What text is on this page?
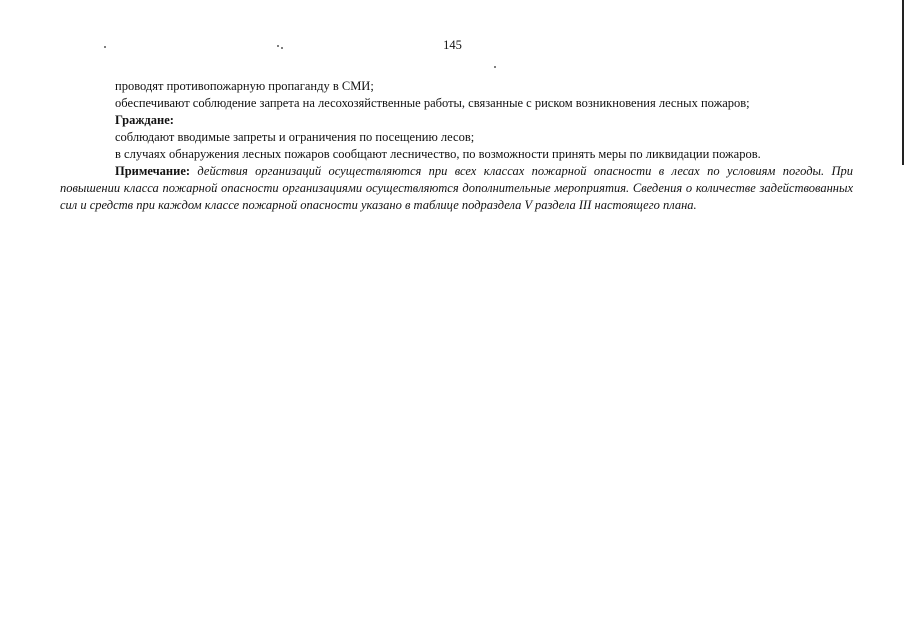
145

проводят противопожарную пропаганду в СМИ;

обеспечивают соблюдение запрета на лесохозяйственные работы, связанные с риском возникновения лесных пожаров;

Граждане:

соблюдают вводимые запреты и ограничения по посещению лесов;

в случаях обнаружения лесных пожаров сообщают лесничество, по возможности принять меры по ликвидации пожаров.

Примечание: действия организаций осуществляются при всех классах пожарной опасности в лесах по условиям погоды. При повышении класса пожарной опасности организациями осуществляются дополнительные мероприятия. Сведения о количестве задействованных сил и средств при каждом классе пожарной опасности указано в таблице подраздела V раздела III настоящего плана.
